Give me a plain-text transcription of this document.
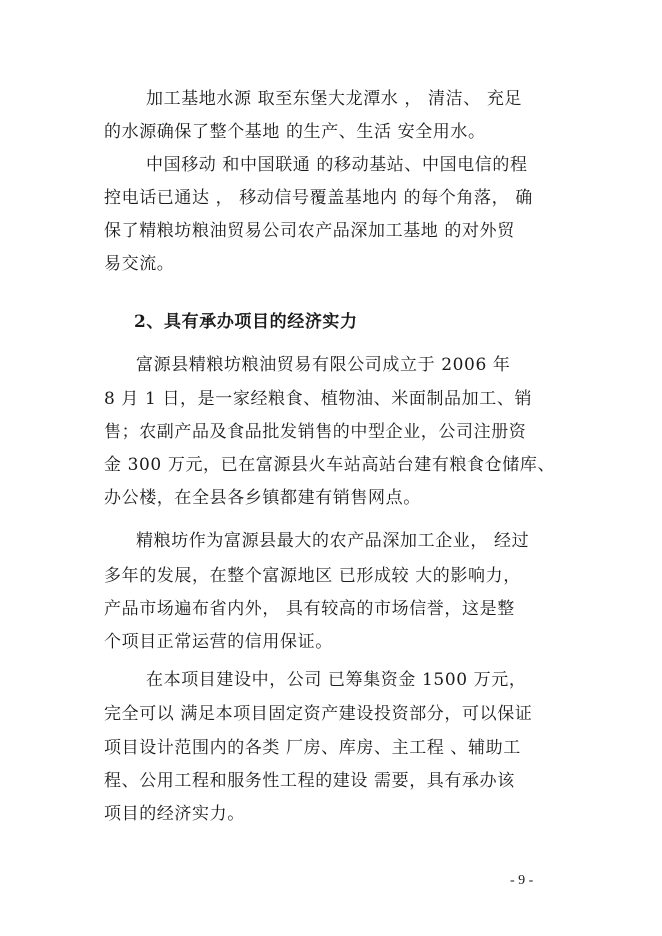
加工基地水源 取至东堡大龙潭水 ， 清洁、 充足
的水源确保了整个基地 的生产、生活 安全用水。
中国移动 和中国联通 的移动基站、中国电信的程
控电话已通达 ， 移动信号覆盖基地内 的每个角落， 确
保了精粮坊粮油贸易公司农产品深加工基地 的对外贸
易交流。
2、具有承办项目的经济实力
富源县精粮坊粮油贸易有限公司成立于 2006 年
8 月 1 日，是一家经粮食、植物油、米面制品加工、销
售；农副产品及食品批发销售的中型企业，公司注册资
金 300 万元，已在富源县火车站高站台建有粮食仓储库、
办公楼，在全县各乡镇都建有销售网点。
精粮坊作为富源县最大的农产品深加工企业， 经过
多年的发展，在整个富源地区 已形成较 大的影响力，
产品市场遍布省内外， 具有较高的市场信誉，这是整
个项目正常运营的信用保证。
在本项目建设中，公司 已筹集资金 1500 万元，
完全可以 满足本项目固定资产建设投资部分，可以保证
项目设计范围内的各类 厂房、库房、主工程 、辅助工
程、公用工程和服务性工程的建设 需要，具有承办该
项目的经济实力。
- 9 -
